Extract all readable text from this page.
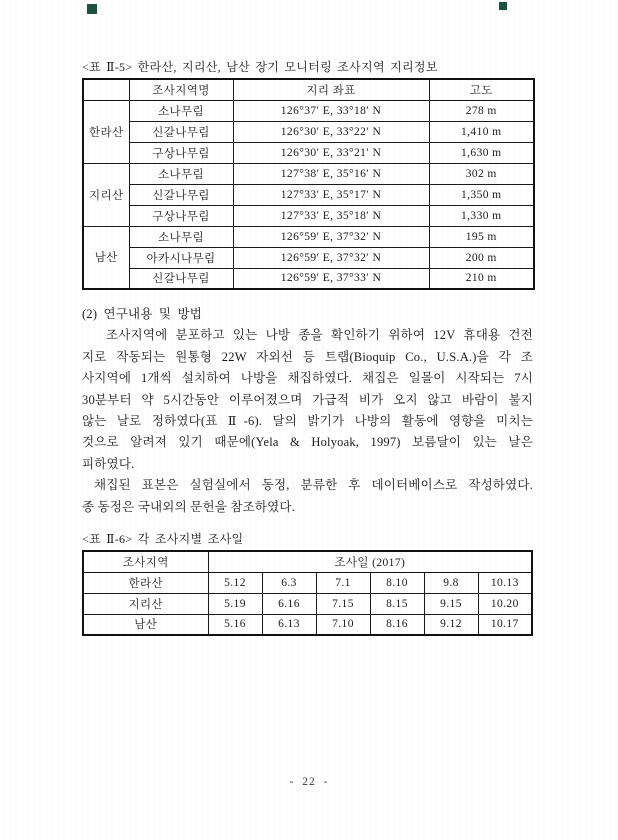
<표 Ⅱ-5> 한라산, 지리산, 남산 장기 모니터링 조사지역 지리정보
	조사지역명	지리 좌표	고도
한라산	소나무림	126°37′ E, 33°18′ N	278 m
	신갈나무림	126°30′ E, 33°22′ N	1,410 m
	구상나무림	126°30′ E, 33°21′ N	1,630 m
지리산	소나무림	127°38′ E, 35°16′ N	302 m
	신갈나무림	127°33′ E, 35°17′ N	1,350 m
	구상나무림	127°33′ E, 35°18′ N	1,330 m
남산	소나무림	126°59′ E, 37°32′ N	195 m
	아카시나무림	126°59′ E, 37°32′ N	200 m
	신갈나무림	126°59′ E, 37°33′ N	210 m
(2) 연구내용 및 방법
조사지역에 분포하고 있는 나방 종을 확인하기 위하여 12V 휴대용 건전
지로 작동되는 원통형 22W 자외선 등 트랩(Bioquip Co., U.S.A.)을 각 조
사지역에 1개씩 설치하여 나방을 채집하였다. 채집은 일몰이 시작되는 7시
30분부터 약 5시간동안 이루어졌으며 가급적 비가 오지 않고 바람이 불지
않는 날로 정하였다(표 Ⅱ-6). 달의 밝기가 나방의 활동에 영향을 미치는
것으로 알려져 있기 때문에(Yela & Holyoak, 1997) 보름달이 있는 날은
피하였다.
채집된 표본은 실험실에서 동정, 분류한 후 데이터베이스로 작성하였다.
종 동정은 국내외의 문헌을 참조하였다.
<표 Ⅱ-6> 각 조사지별 조사일
조사지역	조사일 (2017)					
한라산	5.12	6.3	7.1	8.10	9.8	10.13
지리산	5.19	6.16	7.15	8.15	9.15	10.20
남산	5.16	6.13	7.10	8.16	9.12	10.17
- 22 -
